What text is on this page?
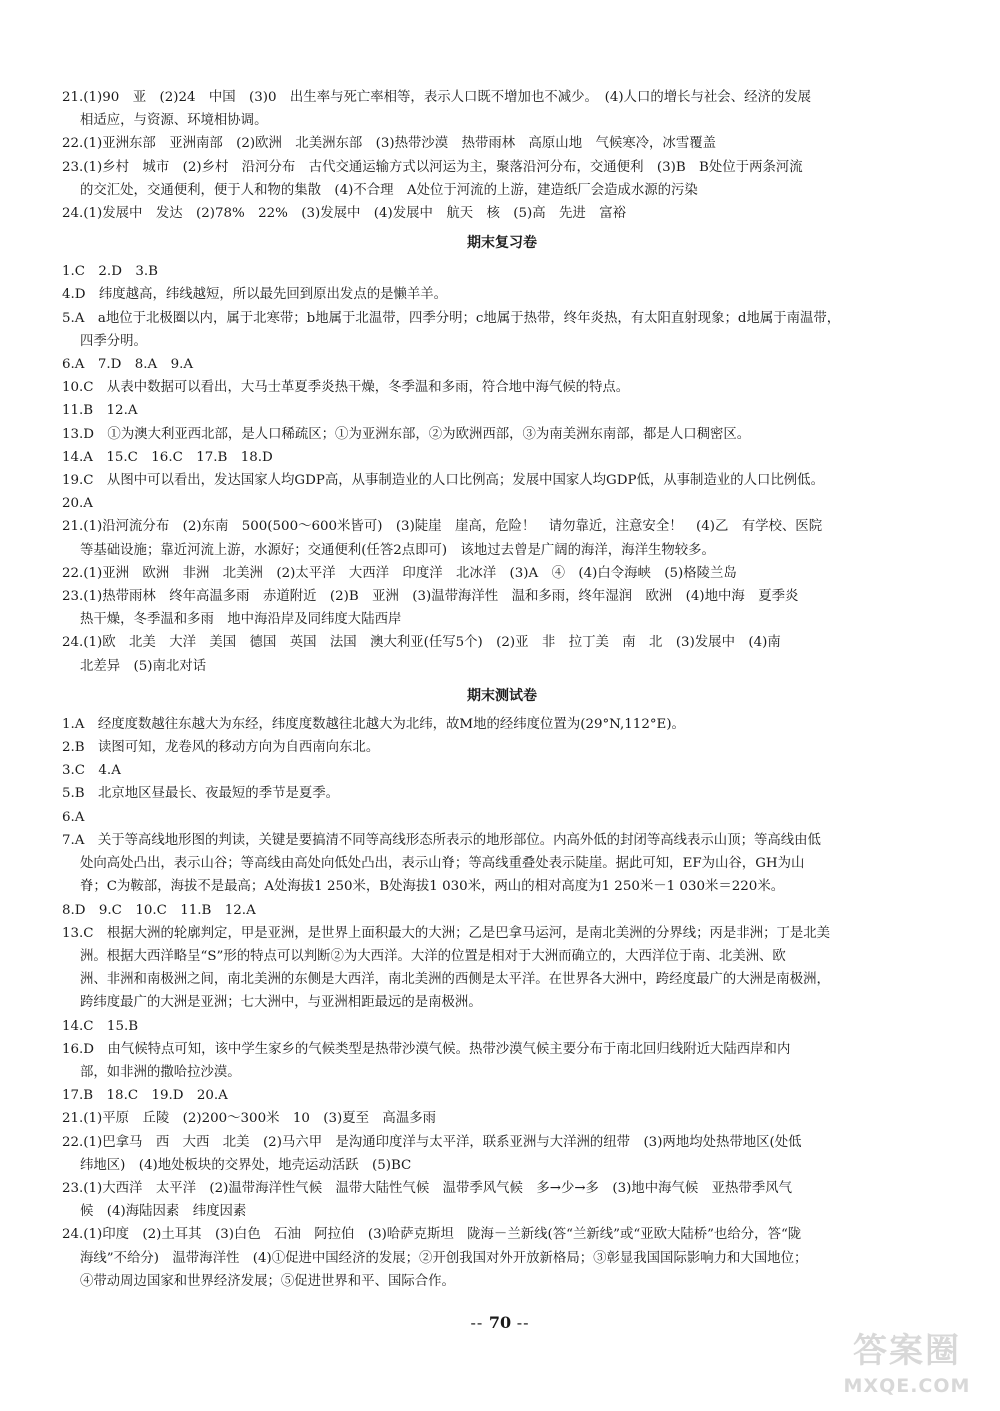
21.(1)90　亚　(2)24　中国　(3)0　出生率与死亡率相等，表示人口既不增加也不减少。　(4)人口的增长与社会、经济的发展
相适应，与资源、环境相协调。
22.(1)亚洲东部　亚洲南部　(2)欧洲　北美洲东部　(3)热带沙漠　热带雨林　高原山地　气候寒冷，冰雪覆盖
23.(1)乡村　城市　(2)乡村　沿河分布　古代交通运输方式以河运为主，聚落沿河分布，交通便利　(3)B　B处位于两条河流
的交汇处，交通便利，便于人和物的集散　(4)不合理　A处位于河流的上游，建造纸厂会造成水源的污染
24.(1)发展中　发达　(2)78%　22%　(3)发展中　(4)发展中　航天　核　(5)高　先进　富裕
期末复习卷
1.C　2.D　3.B
4.D　纬度越高，纬线越短，所以最先回到原出发点的是懒羊羊。
5.A　a地位于北极圈以内，属于北寒带；b地属于北温带，四季分明；c地属于热带，终年炎热，有太阳直射现象；d地属于南温带，
四季分明。
6.A　7.D　8.A　9.A
10.C　从表中数据可以看出，大马士革夏季炎热干燥，冬季温和多雨，符合地中海气候的特点。
11.B　12.A
13.D　①为澳大利亚西北部，是人口稀疏区；①为亚洲东部，②为欧洲西部，③为南美洲东南部，都是人口稠密区。
14.A　15.C　16.C　17.B　18.D
19.C　从图中可以看出，发达国家人均GDP高，从事制造业的人口比例高；发展中国家人均GDP低，从事制造业的人口比例低。
20.A
21.(1)沿河流分布　(2)东南　500(500～600米皆可)　(3)陡崖　崖高，危险！　请勿靠近，注意安全！　(4)乙　有学校、医院
等基础设施；靠近河流上游，水源好；交通便利(任答2点即可)　该地过去曾是广阔的海洋，海洋生物较多。
22.(1)亚洲　欧洲　非洲　北美洲　(2)太平洋　大西洋　印度洋　北冰洋　(3)A　④　(4)白令海峡　(5)格陵兰岛
23.(1)热带雨林　终年高温多雨　赤道附近　(2)B　亚洲　(3)温带海洋性　温和多雨，终年湿润　欧洲　(4)地中海　夏季炎
热干燥，冬季温和多雨　地中海沿岸及同纬度大陆西岸
24.(1)欧　北美　大洋　美国　德国　英国　法国　澳大利亚(任写5个)　(2)亚　非　拉丁美　南　北　(3)发展中　(4)南
北差异　(5)南北对话
期末测试卷
1.A　经度度数越往东越大为东经，纬度度数越往北越大为北纬，故M地的经纬度位置为(29°N,112°E)。
2.B　读图可知，龙卷风的移动方向为自西南向东北。
3.C　4.A
5.B　北京地区昼最长、夜最短的季节是夏季。
6.A
7.A　关于等高线地形图的判读，关键是要搞清不同等高线形态所表示的地形部位。内高外低的封闭等高线表示山顶；等高线由低
处向高处凸出，表示山谷；等高线由高处向低处凸出，表示山脊；等高线重叠处表示陡崖。据此可知，EF为山谷，GH为山
脊；C为鞍部，海拔不是最高；A处海拔1 250米，B处海拔1 030米，两山的相对高度为1 250米－1 030米＝220米。
8.D　9.C　10.C　11.B　12.A
13.C　根据大洲的轮廓判定，甲是亚洲，是世界上面积最大的大洲；乙是巴拿马运河，是南北美洲的分界线；丙是非洲；丁是北美
洲。根据大西洋略呈“S”形的特点可以判断②为大西洋。大洋的位置是相对于大洲而确立的，大西洋位于南、北美洲、欧
洲、非洲和南极洲之间，南北美洲的东侧是大西洋，南北美洲的西侧是太平洋。在世界各大洲中，跨经度最广的大洲是南极洲，
跨纬度最广的大洲是亚洲；七大洲中，与亚洲相距最远的是南极洲。
14.C　15.B
16.D　由气候特点可知，该中学生家乡的气候类型是热带沙漠气候。热带沙漠气候主要分布于南北回归线附近大陆西岸和内
部，如非洲的撒哈拉沙漠。
17.B　18.C　19.D　20.A
21.(1)平原　丘陵　(2)200～300米　10　(3)夏至　高温多雨
22.(1)巴拿马　西　大西　北美　(2)马六甲　是沟通印度洋与太平洋，联系亚洲与大洋洲的纽带　(3)两地均处热带地区(处低
纬地区)　(4)地处板块的交界处，地壳运动活跃　(5)BC
23.(1)大西洋　太平洋　(2)温带海洋性气候　温带大陆性气候　温带季风气候　多→少→多　(3)地中海气候　亚热带季风气
候　(4)海陆因素　纬度因素
24.(1)印度　(2)土耳其　(3)白色　石油　阿拉伯　(3)哈萨克斯坦　陇海－兰新线(答“兰新线”或“亚欧大陆桥”也给分，答“陇
海线”不给分)　温带海洋性　(4)①促进中国经济的发展；②开创我国对外开放新格局；③彰显我国国际影响力和大国地位；
④带动周边国家和世界经济发展；⑤促进世界和平、国际合作。
-- 70 --
答案圈
MXQE.COM
